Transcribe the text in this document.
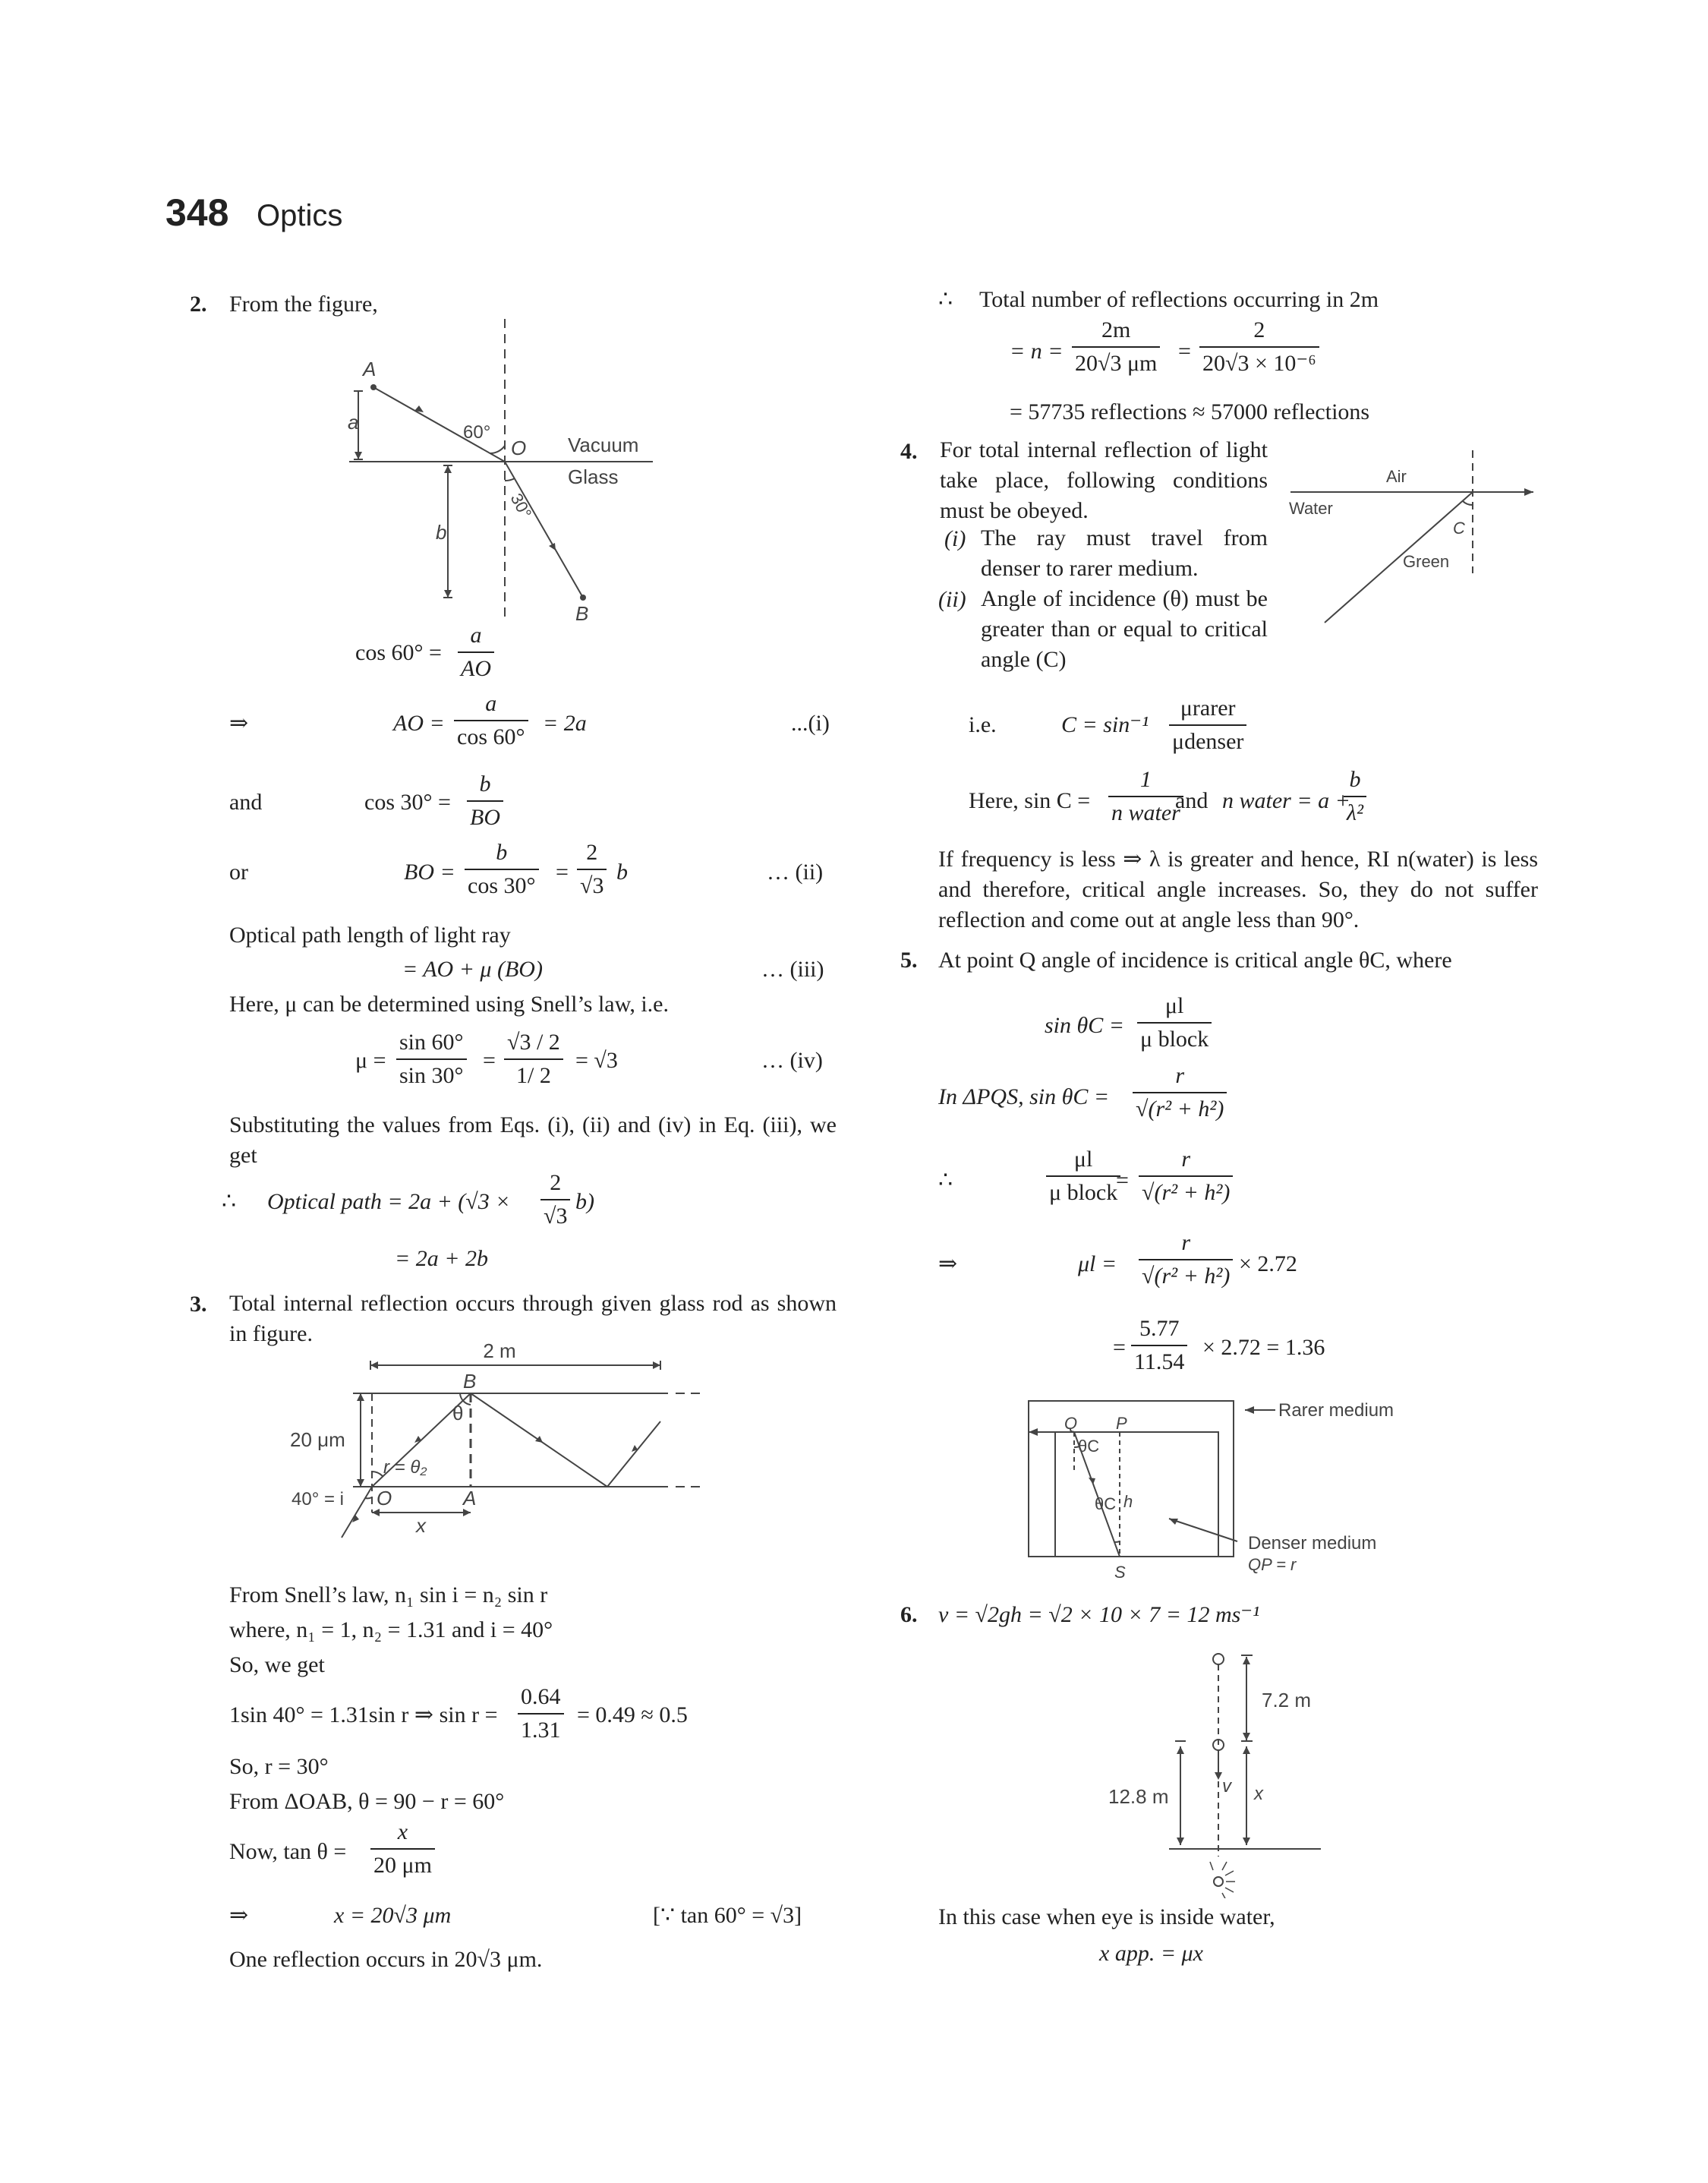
348 Optics
2. From the figure,
A
a	60°
O Vacuum
Glass
b
30°
B
$\cos 60^\circ = \frac{a}{AO}$
⇒	AO = $\frac{a}{\cos 60^\circ} = 2a$	...(i)
and	$\cos 30^\circ = \frac{b}{BO}$
or	BO = $\frac{b}{\cos 30^\circ} = \frac{2}{√3}$ b	… (ii)
Optical path length of light ray
= AO + μ (BO)	… (iii)
Here, μ can be determined using Snell’s law, i.e.
$\mu = \frac{\sin 60^\circ}{\sin 30^\circ} = \frac{√3 / 2}{1/ 2} = √3$	… (iv)
Substituting the values from Eqs. (i), (ii) and (iv) in Eq. (iii), we get
∴ Optical path = $2a + (√3 \times \frac{2}{√3} b)$
= 2a + 2b
3. Total internal reflection occurs through given glass rod as shown in figure.
2 m
B
θ
20 μm
r = θ₂
40° = i O	A
x
From Snell’s law, n₁ sin i = n₂ sin r
where, n₁ = 1, n₂ = 1.31 and i = 40°
So, we get
1sin 40° = 1.31sin r ⇒ $\sin r = \frac{0.64}{1.31} = 0.49 \approx 0.5$
So, r = 30°
From ΔOAB, θ = 90 − r = 60°
Now, $\tan \theta = \frac{x}{20 \mu m}$
⇒	x = 20√3 μm	[∵ tan 60° = √3]
One reflection occurs in 20√3 μm.
∴ Total number of reflections occurring in 2m
= $n = \frac{2m}{20√3 \mu m} = \frac{2}{\text{20√3 × 10⁻⁶}}$
= 57735 reflections ≈ 57000 reflections
4. For total internal reflection of light take place, following conditions must be obeyed.
(i) The ray must travel from denser to rarer medium.
(ii) Angle of incidence (θ) must be greater than or equal to critical angle (C)
Air
Water
C
Green
i.e.	C = sin⁻¹
μrarer
μdenser
Here, sin C =
1
n water
and n water = a +
$\frac{b}{\text{λ²}}$
If frequency is less ⇒ λ is greater and hence, RI n(water) is less and therefore, critical angle increases. So, they do not suffer reflection and come out at angle less than 90°.
5. At point Q angle of incidence is critical angle θC, where
sin θC =
μl
μ block
In ΔPQS, $\sin \theta C = \frac{r}{\text{√(r² + h²)}}$
∴
μl
μ block
= $\frac{r}{\text{√(r² + h²)}}$
⇒	$\mu l = \frac{r}{\text{√(r² + h²)}} \times 2.72$
= $\frac{5.77}{11.54} \times 2.72 = 1.36$
Q P
θC
θC h
S
Rarer medium
Denser medium
QP = r
6. v = √2gh = √2 × 10 × 7 = 12 ms⁻¹
7.2 m
12.8 m	v x
In this case when eye is inside water,
x app. = μx
